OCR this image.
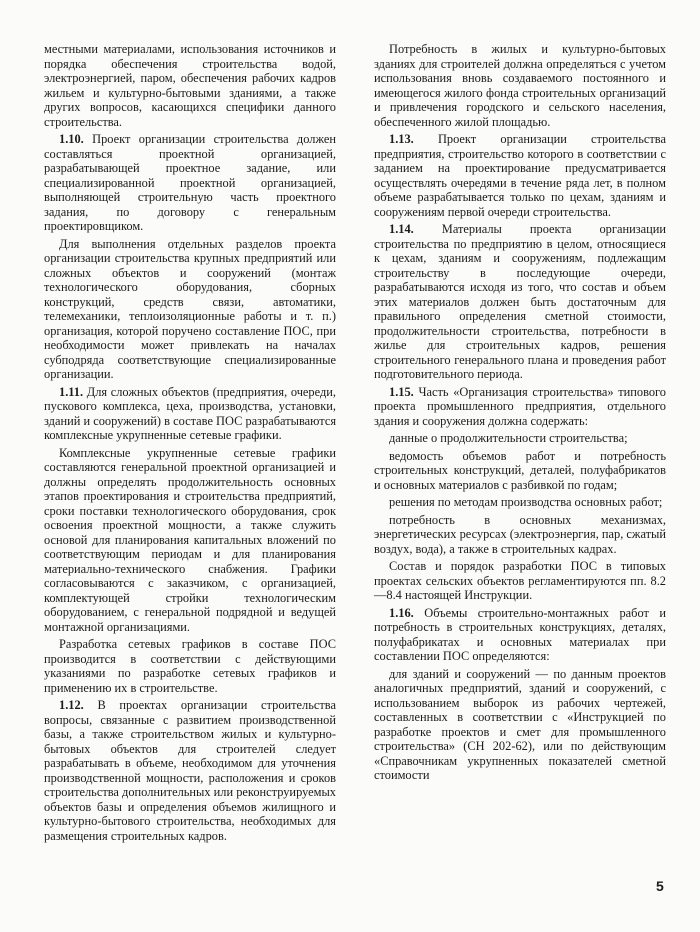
местными материалами, использования источников и порядка обеспечения строительства водой, электроэнергией, паром, обеспечения рабочих кадров жильем и культурно-бытовыми зданиями, а также других вопросов, касающихся специфики данного строительства.

1.10. Проект организации строительства должен составляться проектной организацией, разрабатывающей проектное задание, или специализированной проектной организацией, выполняющей строительную часть проектного задания, по договору с генеральным проектировщиком.

Для выполнения отдельных разделов проекта организации строительства крупных предприятий или сложных объектов и сооружений (монтаж технологического оборудования, сборных конструкций, средств связи, автоматики, телемеханики, теплоизоляционные работы и т. п.) организация, которой поручено составление ПОС, при необходимости может привлекать на началах субподряда соответствующие специализированные организации.

1.11. Для сложных объектов (предприятия, очереди, пускового комплекса, цеха, производства, установки, зданий и сооружений) в составе ПОС разрабатываются комплексные укрупненные сетевые графики.

Комплексные укрупненные сетевые графики составляются генеральной проектной организацией и должны определять продолжительность основных этапов проектирования и строительства предприятий, сроки поставки технологического оборудования, срок освоения проектной мощности, а также служить основой для планирования капитальных вложений по соответствующим периодам и для планирования материально-технического снабжения. Графики согласовываются с заказчиком, с организацией, комплектующей стройки технологическим оборудованием, с генеральной подрядной и ведущей монтажной организациями.

Разработка сетевых графиков в составе ПОС производится в соответствии с действующими указаниями по разработке сетевых графиков и применению их в строительстве.

1.12. В проектах организации строительства вопросы, связанные с развитием производственной базы, а также строительством жилых и культурно-бытовых объектов для строителей следует разрабатывать в объеме, необходимом для уточнения производственной мощности, расположения и сроков строительства дополнительных или реконструируемых объектов базы и определения объемов жилищного и культурно-бытового строительства, необходимых для размещения строительных кадров.

Потребность в жилых и культурно-бытовых зданиях для строителей должна определяться с учетом использования вновь создаваемого постоянного и имеющегося жилого фонда строительных организаций и привлечения городского и сельского населения, обеспеченного жилой площадью.

1.13. Проект организации строительства предприятия, строительство которого в соответствии с заданием на проектирование предусматривается осуществлять очередями в течение ряда лет, в полном объеме разрабатывается только по цехам, зданиям и сооружениям первой очереди строительства.

1.14. Материалы проекта организации строительства по предприятию в целом, относящиеся к цехам, зданиям и сооружениям, подлежащим строительству в последующие очереди, разрабатываются исходя из того, что состав и объем этих материалов должен быть достаточным для правильного определения сметной стоимости, продолжительности строительства, потребности в жилье для строительных кадров, решения строительного генерального плана и проведения работ подготовительного периода.

1.15. Часть «Организация строительства» типового проекта промышленного предприятия, отдельного здания и сооружения должна содержать:

данные о продолжительности строительства;

ведомость объемов работ и потребность строительных конструкций, деталей, полуфабрикатов и основных материалов с разбивкой по годам;

решения по методам производства основных работ;

потребность в основных механизмах, энергетических ресурсах (электроэнергия, пар, сжатый воздух, вода), а также в строительных кадрах.

Состав и порядок разработки ПОС в типовых проектах сельских объектов регламентируются пп. 8.2—8.4 настоящей Инструкции.

1.16. Объемы строительно-монтажных работ и потребность в строительных конструкциях, деталях, полуфабрикатах и основных материалах при составлении ПОС определяются:

для зданий и сооружений — по данным проектов аналогичных предприятий, зданий и сооружений, с использованием выборок из рабочих чертежей, составленных в соответствии с «Инструкцией по разработке проектов и смет для промышленного строительства» (СН 202-62), или по действующим «Справочникам укрупненных показателей сметной стоимости

5
